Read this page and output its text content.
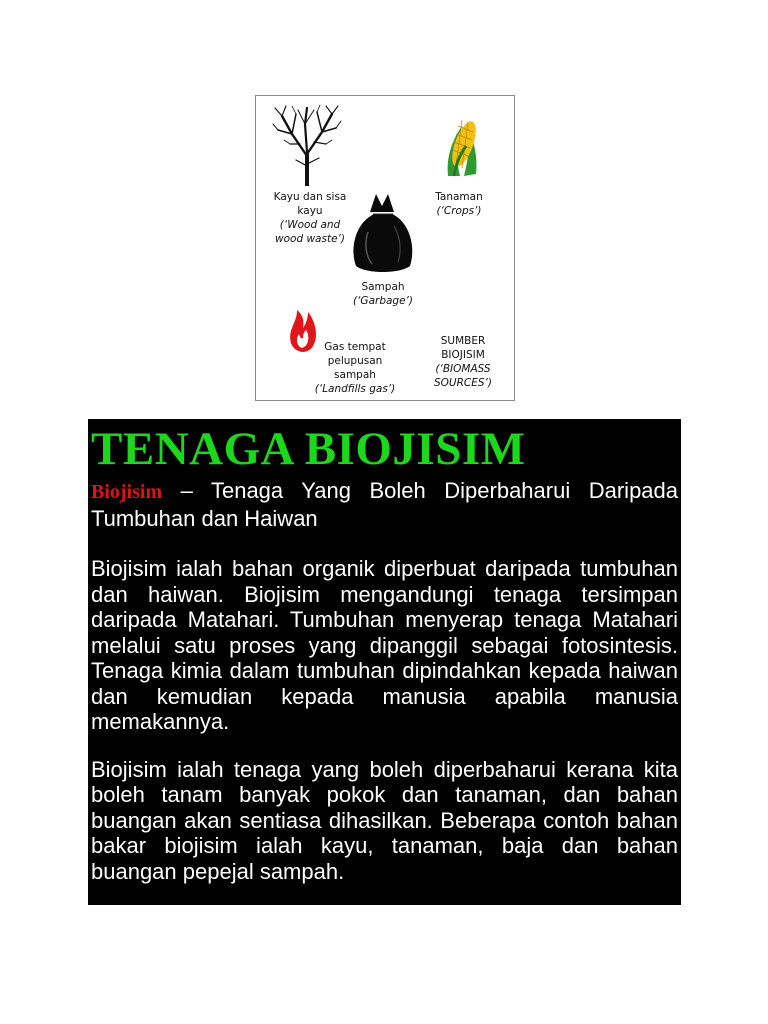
Kayu dan sisa
kayu
(‘Wood and
wood waste’)
Tanaman
(‘Crops’)
Sampah
(‘Garbage’)
Gas tempat
pelupusan
sampah
(‘Landfills gas’)
SUMBER
BIOJISIM
(‘BIOMASS
SOURCES’)
TENAGA BIOJISIM

Biojisim – Tenaga Yang Boleh Diperbaharui Daripada Tumbuhan dan Haiwan

Biojisim ialah bahan organik diperbuat daripada tumbuhan dan haiwan. Biojisim mengandungi tenaga tersimpan daripada Matahari. Tumbuhan menyerap tenaga Matahari melalui satu proses yang dipanggil sebagai fotosintesis. Tenaga kimia dalam tumbuhan dipindahkan kepada haiwan dan kemudian kepada manusia apabila manusia memakannya.

Biojisim ialah tenaga yang boleh diperbaharui kerana kita boleh tanam banyak pokok dan tanaman, dan bahan buangan akan sentiasa dihasilkan. Beberapa contoh bahan bakar biojisim ialah kayu, tanaman, baja dan bahan buangan pepejal sampah.
